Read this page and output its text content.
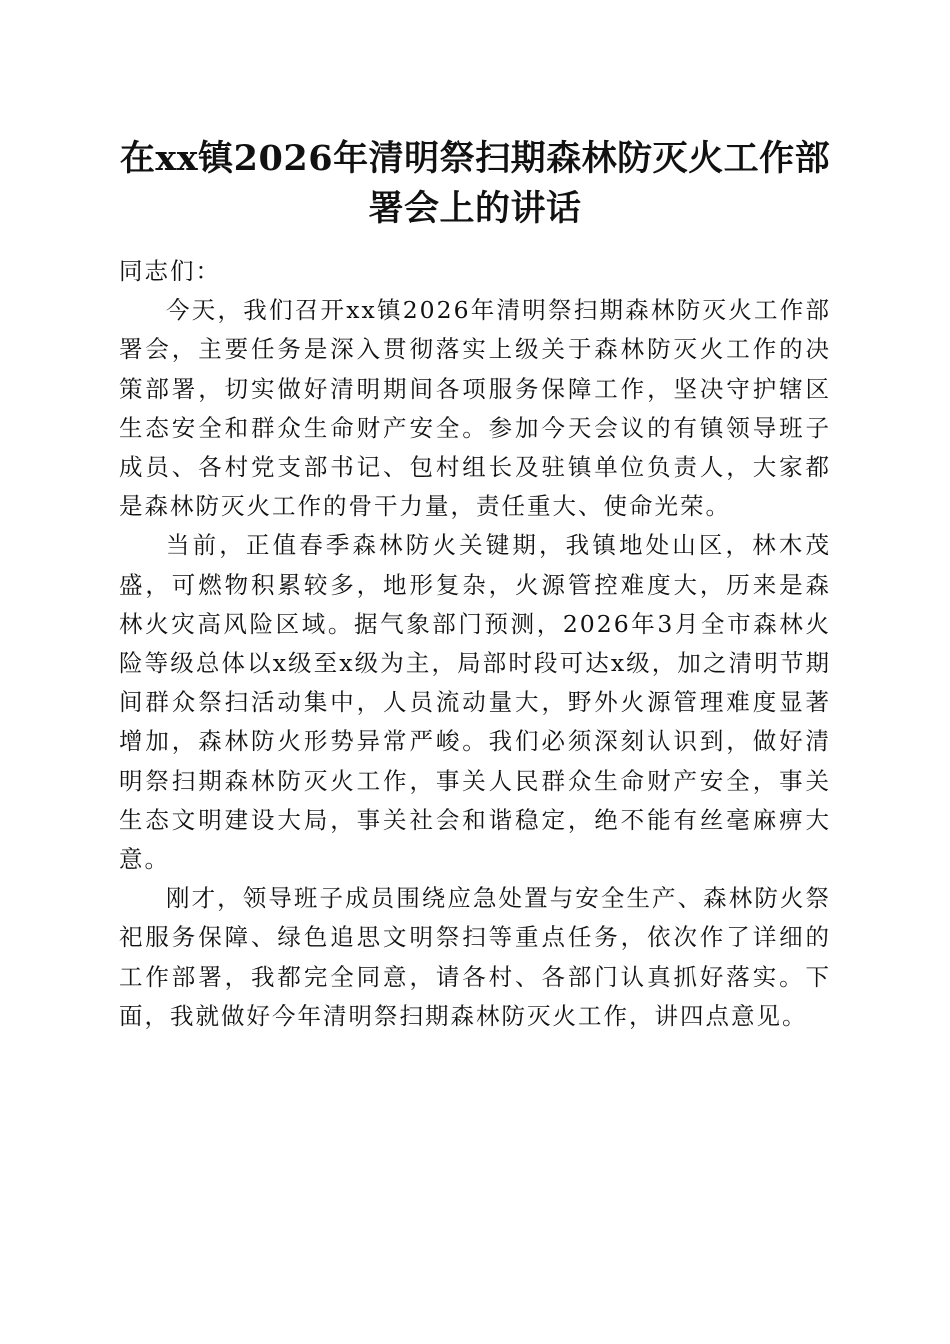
在xx镇2026年清明祭扫期森林防灭火工作部署会上的讲话

同志们：

今天，我们召开xx镇2026年清明祭扫期森林防灭火工作部署会，主要任务是深入贯彻落实上级关于森林防灭火工作的决策部署，切实做好清明期间各项服务保障工作，坚决守护辖区生态安全和群众生命财产安全。参加今天会议的有镇领导班子成员、各村党支部书记、包村组长及驻镇单位负责人，大家都是森林防灭火工作的骨干力量，责任重大、使命光荣。

当前，正值春季森林防火关键期，我镇地处山区，林木茂盛，可燃物积累较多，地形复杂，火源管控难度大，历来是森林火灾高风险区域。据气象部门预测，2026年3月全市森林火险等级总体以x级至x级为主，局部时段可达x级，加之清明节期间群众祭扫活动集中，人员流动量大，野外火源管理难度显著增加，森林防火形势异常严峻。我们必须深刻认识到，做好清明祭扫期森林防灭火工作，事关人民群众生命财产安全，事关生态文明建设大局，事关社会和谐稳定，绝不能有丝毫麻痹大意。

刚才，领导班子成员围绕应急处置与安全生产、森林防火祭祀服务保障、绿色追思文明祭扫等重点任务，依次作了详细的工作部署，我都完全同意，请各村、各部门认真抓好落实。下面，我就做好今年清明祭扫期森林防灭火工作，讲四点意见。
